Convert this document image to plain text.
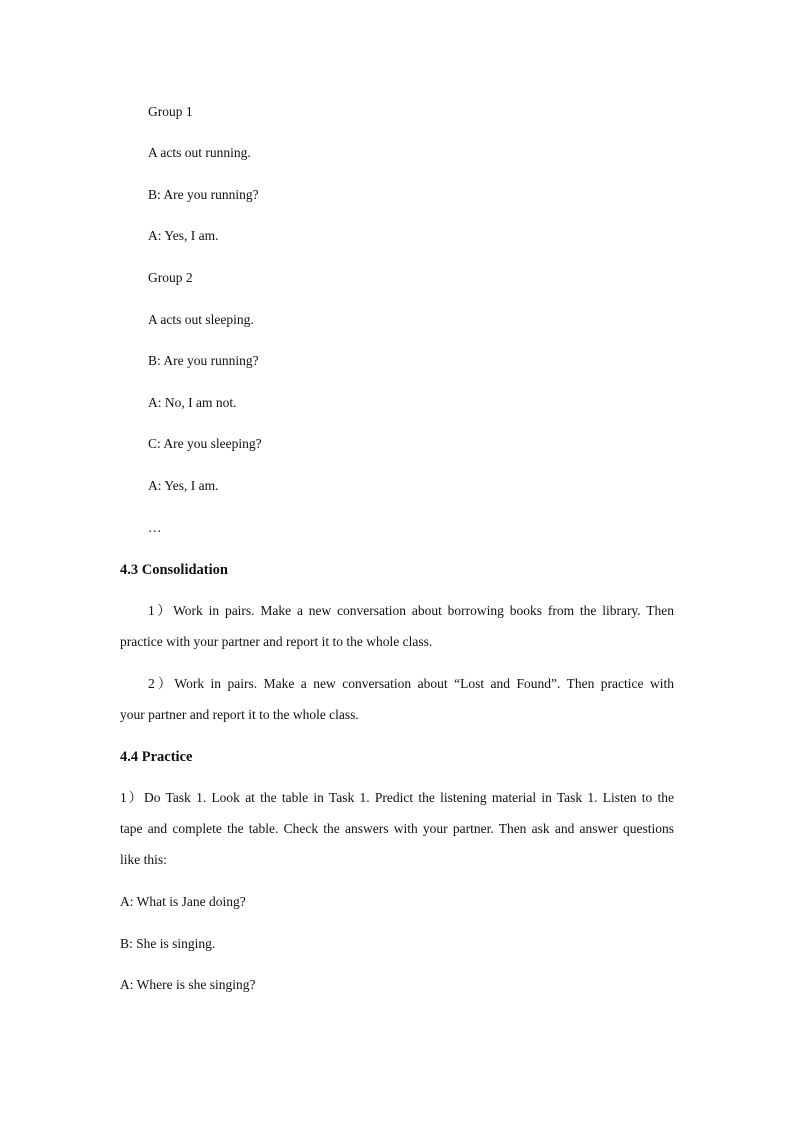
Group 1
A acts out running.
B: Are you running?
A: Yes, I am.
Group 2
A acts out sleeping.
B: Are you running?
A: No, I am not.
C: Are you sleeping?
A: Yes, I am.
…
4.3 Consolidation
1）Work in pairs. Make a new conversation about borrowing books from the library. Then
practice with your partner and report it to the whole class.
2）Work in pairs. Make a new conversation about “Lost and Found”. Then practice with
your partner and report it to the whole class.
4.4 Practice
1）Do Task 1. Look at the table in Task 1. Predict the listening material in Task 1. Listen to the
tape and complete the table. Check the answers with your partner. Then ask and answer questions
like this:
A: What is Jane doing?
B: She is singing.
A: Where is she singing?
